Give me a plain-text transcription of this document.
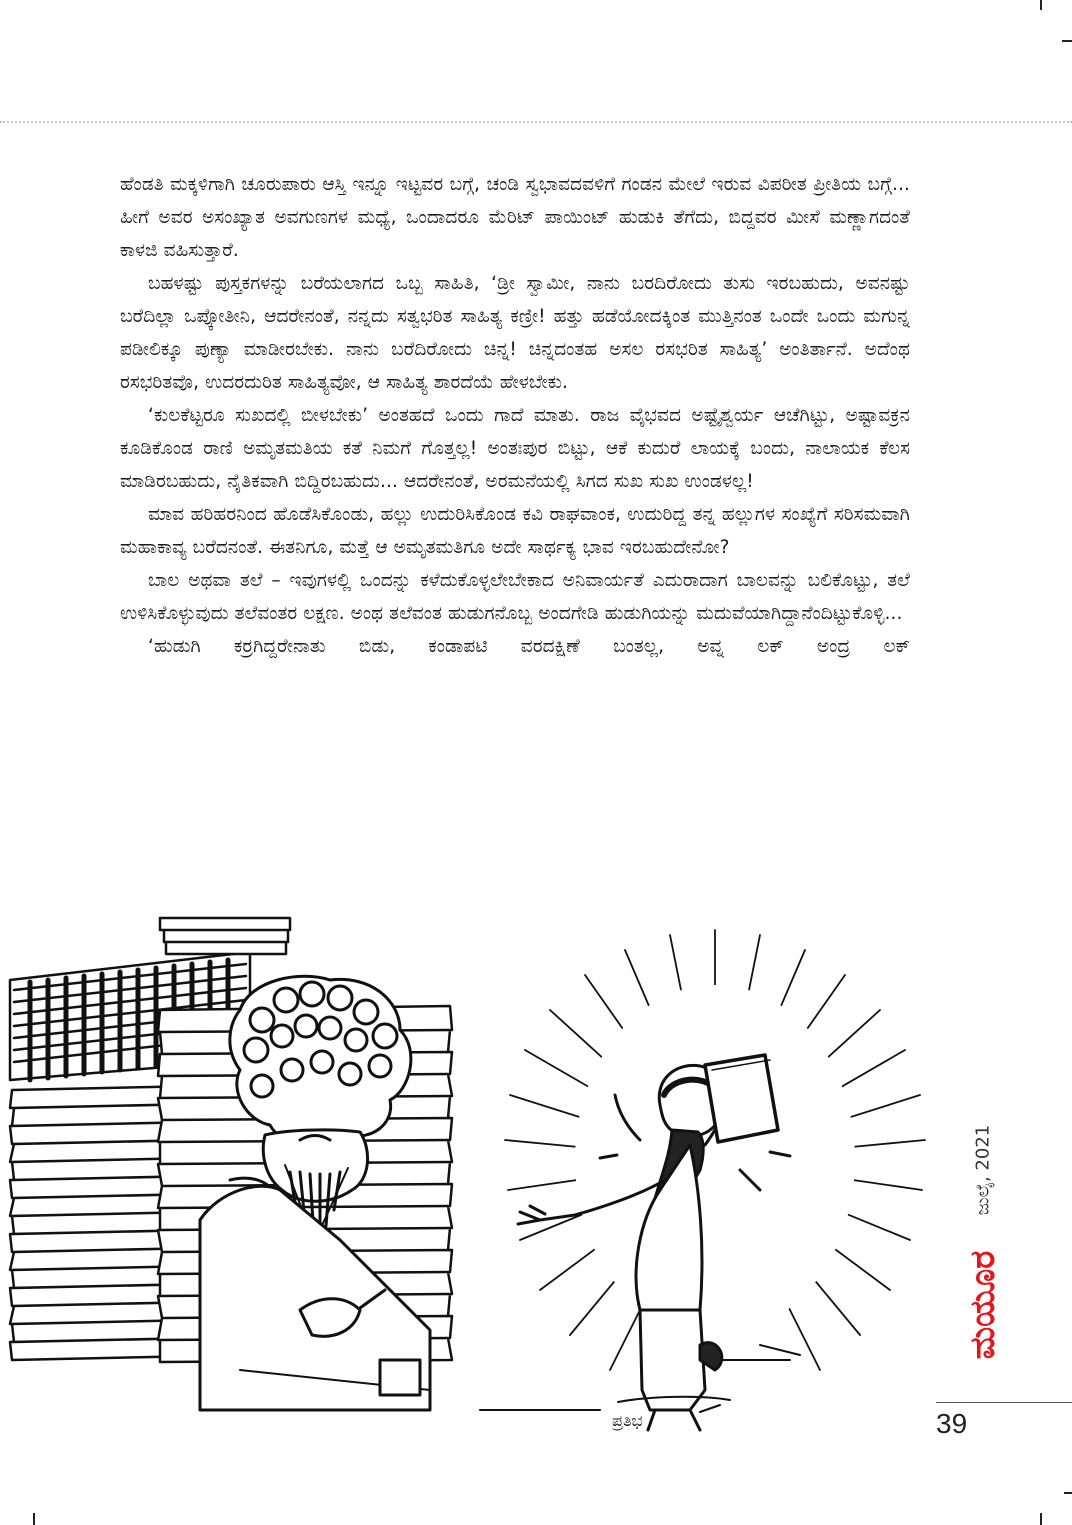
ಹೆಂಡತಿ ಮಕ್ಕಳಿಗಾಗಿ ಚೂರುಪಾರು ಆಸ್ತಿ ಇನ್ನೂ ಇಟ್ಟವರ ಬಗ್ಗೆ, ಚಂಡಿ ಸ್ವಭಾವದವಳಿಗೆ ಗಂಡನ ಮೇಲೆ ಇರುವ ವಿಪರೀತ ಪ್ರೀತಿಯ ಬಗ್ಗೆ... ಹೀಗೆ ಅವರ ಅಸಂಖ್ಯಾತ ಅವಗುಣಗಳ ಮಧ್ಯೆ, ಒಂದಾದರೂ ಮೆರಿಟ್ ಪಾಯಿಂಟ್ ಹುಡುಕಿ ತೆಗೆದು, ಬಿದ್ದವರ ಮೀಸೆ ಮಣ್ಣಾಗದಂತೆ ಕಾಳಜಿ ವಹಿಸುತ್ತಾರೆ.

ಬಹಳಷ್ಟು ಪುಸ್ತಕಗಳನ್ನು ಬರೆಯಲಾಗದ ಒಬ್ಬ ಸಾಹಿತಿ, ‘ಡ್ರೀ ಸ್ವಾಮೀ, ನಾನು ಬರದಿರೋದು ತುಸು ಇರಬಹುದು, ಅವನಷ್ಟು ಬರೆದಿಲ್ಲಾ ಒಪ್ಕೋತೀನಿ, ಆದರೇನಂತೆ, ನನ್ನದು ಸತ್ವಭರಿತ ಸಾಹಿತ್ಯ ಕಣ್ರೀ! ಹತ್ತು ಹಡೆಯೋದಕ್ಕಿಂತ ಮುತ್ತಿನಂತ ಒಂದೇ ಒಂದು ಮಗುನ್ನ ಪಡೀಲಿಕ್ಕೂ ಪುಣ್ಯಾ ಮಾಡೀರಬೇಕು. ನಾನು ಬರೆದಿರೋದು ಚಿನ್ನ! ಚಿನ್ನದಂತಹ ಅಸಲ ರಸಭರಿತ ಸಾಹಿತ್ಯ’ ಅಂತಿರ್ತಾನೆ. ಅದೆಂಥ ರಸಭರಿತವೊ, ಉದರದುರಿತ ಸಾಹಿತ್ಯವೋ, ಆ ಸಾಹಿತ್ಯ ಶಾರದೆಯೆ ಹೇಳಬೇಕು.

‘ಕುಲಕೆಟ್ಟರೂ ಸುಖದಲ್ಲಿ ಬೀಳಬೇಕು’ ಅಂತಹದೆ ಒಂದು ಗಾದೆ ಮಾತು. ರಾಜ ವೈಭವದ ಅಷ್ಟೈಶ್ವರ್ಯ ಆಚೆಗಿಟ್ಟು, ಅಷ್ಟಾವಕ್ರನ ಕೂಡಿಕೊಂಡ ರಾಣಿ ಅಮೃತಮತಿಯ ಕತೆ ನಿಮಗೆ ಗೊತ್ತಲ್ಲ! ಅಂತಃಪುರ ಬಿಟ್ಟು, ಆಕೆ ಕುದುರೆ ಲಾಯಕ್ಕೆ ಬಂದು, ನಾಲಾಯಕ ಕೆಲಸ ಮಾಡಿರಬಹುದು, ನೈತಿಕವಾಗಿ ಬಿದ್ದಿರಬಹುದು... ಆದರೇನಂತೆ, ಅರಮನೆಯಲ್ಲಿ ಸಿಗದ ಸುಖ ಸುಖ ಉಂಡಳಲ್ಲ!

ಮಾವ ಹರಿಹರನಿಂದ ಹೊಡೆಸಿಕೊಂಡು, ಹಲ್ಲು ಉದುರಿಸಿಕೊಂಡ ಕವಿ ರಾಘವಾಂಕ, ಉದುರಿದ್ದ ತನ್ನ ಹಲ್ಲುಗಳ ಸಂಖ್ಯೆಗೆ ಸರಿಸಮವಾಗಿ ಮಹಾಕಾವ್ಯ ಬರೆದನಂತೆ. ಈತನಿಗೂ, ಮತ್ತೆ ಆ ಅಮೃತಮತಿಗೂ ಅದೇ ಸಾರ್ಥಕ್ಯ ಭಾವ ಇರಬಹುದೇನೋ?

ಬಾಲ ಅಥವಾ ತಲೆ – ಇವುಗಳಲ್ಲಿ ಒಂದನ್ನು ಕಳೆದುಕೊಳ್ಳಲೇಬೇಕಾದ ಅನಿವಾರ್ಯತೆ ಎದುರಾದಾಗ ಬಾಲವನ್ನು ಬಲಿಕೊಟ್ಟು, ತಲೆ ಉಳಿಸಿಕೊಳ್ಳುವುದು ತಲೆವಂತರ ಲಕ್ಷಣ. ಅಂಥ ತಲೆವಂತ ಹುಡುಗನೊಬ್ಬ ಅಂದಗೇಡಿ ಹುಡುಗಿಯನ್ನು ಮದುವೆಯಾಗಿದ್ದಾನೆಂದಿಟ್ಟುಕೊಳ್ಳಿ...

‘ಹುಡುಗಿ ಕರ್ರಗಿದ್ದರೇನಾತು ಬಿಡು, ಕಂಡಾಪಟಿ ವರದಕ್ಷಿಣೆ ಬಂತಲ್ಲ, ಅವ್ನ ಲಕ್ ಅಂದ್ರ ಲಕ್

ಪ್ರತಿಭ
ಜುಲೈ, 2021
ಮಯೂರ
39
